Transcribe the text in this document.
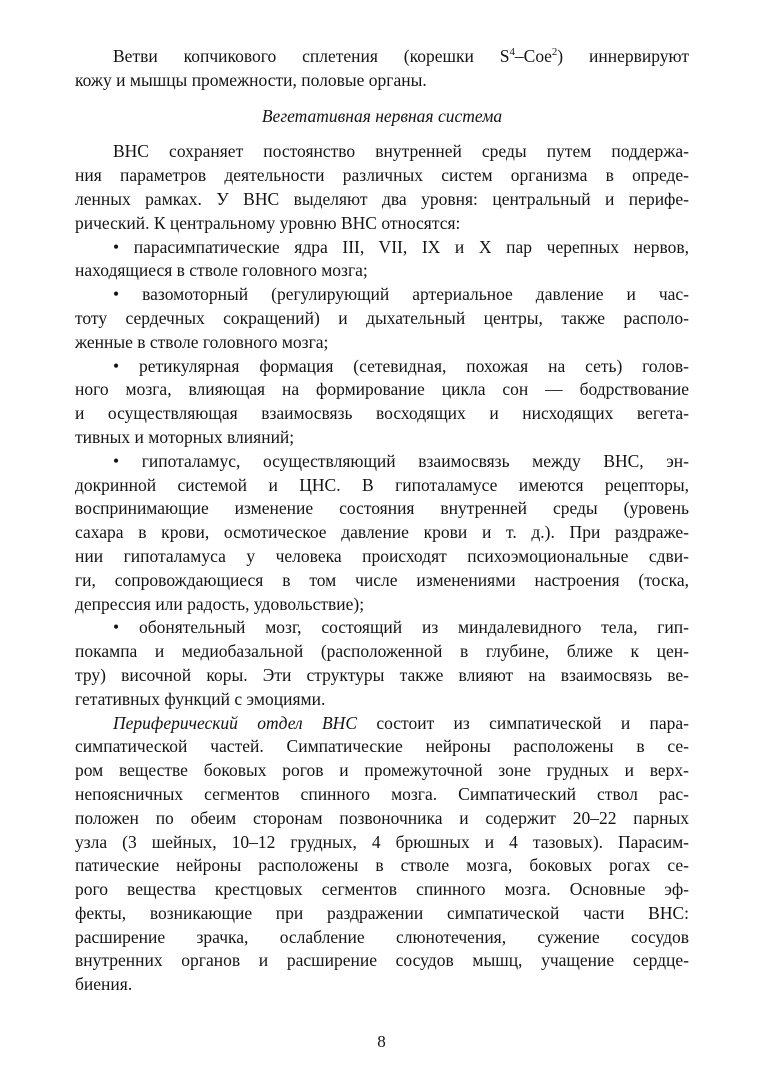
Ветви копчикового сплетения (корешки $S^4-Coe^2$) иннервируют
кожу и мышцы промежности, половые органы.
Вегетативная нервная система
ВНС сохраняет постоянство внутренней среды путем поддержа-
ния параметров деятельности различных систем организма в опреде-
ленных рамках. У ВНС выделяют два уровня: центральный и перифе-
рический. К центральному уровню ВНС относятся:
• парасимпатические ядра III, VII, IX и X пар черепных нервов,
находящиеся в стволе головного мозга;
• вазомоторный (регулирующий артериальное давление и час-
тоту сердечных сокращений) и дыхательный центры, также располо-
женные в стволе головного мозга;
• ретикулярная формация (сетевидная, похожая на сеть) голов-
ного мозга, влияющая на формирование цикла сон — бодрствование
и осуществляющая взаимосвязь восходящих и нисходящих вегета-
тивных и моторных влияний;
• гипоталамус, осуществляющий взаимосвязь между ВНС, эн-
докринной системой и ЦНС. В гипоталамусе имеются рецепторы,
воспринимающие изменение состояния внутренней среды (уровень
сахара в крови, осмотическое давление крови и т. д.). При раздраже-
нии гипоталамуса у человека происходят психоэмоциональные сдви-
ги, сопровождающиеся в том числе изменениями настроения (тоска,
депрессия или радость, удовольствие);
• обонятельный мозг, состоящий из миндалевидного тела, гип-
покампа и медиобазальной (расположенной в глубине, ближе к цен-
тру) височной коры. Эти структуры также влияют на взаимосвязь ве-
гетативных функций с эмоциями.
Периферический отдел ВНС состоит из симпатической и пара-
симпатической частей. Симпатические нейроны расположены в се-
ром веществе боковых рогов и промежуточной зоне грудных и верх-
непоясничных сегментов спинного мозга. Симпатический ствол рас-
положен по обеим сторонам позвоночника и содержит 20–22 парных
узла (3 шейных, 10–12 грудных, 4 брюшных и 4 тазовых). Парасим-
патические нейроны расположены в стволе мозга, боковых рогах се-
рого вещества крестцовых сегментов спинного мозга. Основные эф-
фекты, возникающие при раздражении симпатической части ВНС:
расширение зрачка, ослабление слюнотечения, сужение сосудов
внутренних органов и расширение сосудов мышц, учащение сердце-
биения.
8
